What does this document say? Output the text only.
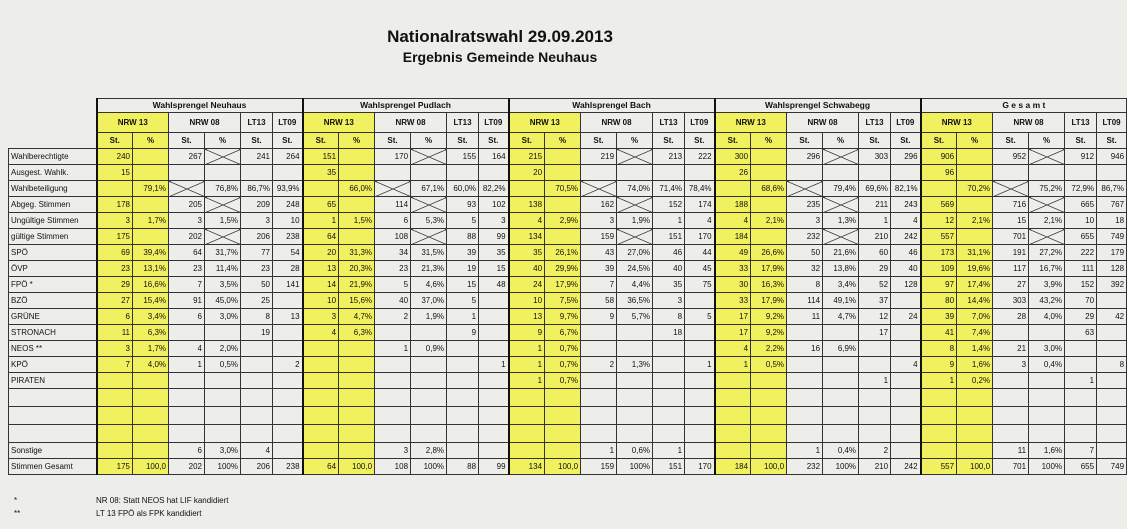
Nationalratswahl 29.09.2013
Ergebnis Gemeinde Neuhaus
	Wahlsprengel Neuhaus						Wahlsprengel Pudlach						Wahlsprengel Bach						Wahlsprengel Schwabegg						G e s a m t					
	NRW 13		NRW 08		LT13	LT09	NRW 13		NRW 08		LT13	LT09	NRW 13		NRW 08		LT13	LT09	NRW 13		NRW 08		LT13	LT09	NRW 13		NRW 08		LT13	LT09
	St.	%	St.	%	St.	St.	St.	%	St.	%	St.	St.	St.	%	St.	%	St.	St.	St.	%	St.	%	St.	St.	St.	%	St.	%	St.	St.
Wahlberechtigte	240		267		241	264	151		170		155	164	215		219		213	222	300		296		303	296	906		952		912	946
Ausgest. Wahlk.	15						35						20						26						96					
Wahlbeteiligung		79,1%		76,8%	86,7%	93,9%		66,0%		67,1%	60,0%	82,2%		70,5%		74,0%	71,4%	78,4%		68,6%		79,4%	69,6%	82,1%		70,2%		75,2%	72,9%	86,7%
Abgeg. Stimmen	178		205		209	248	65		114		93	102	138		162		152	174	188		235		211	243	569		716		665	767
Ungültige Stimmen	3	1,7%	3	1,5%	3	10	1	1,5%	6	5,3%	5	3	4	2,9%	3	1,9%	1	4	4	2,1%	3	1,3%	1	4	12	2,1%	15	2,1%	10	18
gültige Stimmen	175		202		206	238	64		108		88	99	134		159		151	170	184		232		210	242	557		701		655	749
SPÖ	69	39,4%	64	31,7%	77	54	20	31,3%	34	31,5%	39	35	35	26,1%	43	27,0%	46	44	49	26,6%	50	21,6%	60	46	173	31,1%	191	27,2%	222	179
ÖVP	23	13,1%	23	11,4%	23	28	13	20,3%	23	21,3%	19	15	40	29,9%	39	24,5%	40	45	33	17,9%	32	13,8%	29	40	109	19,6%	117	16,7%	111	128
FPÖ *	29	16,6%	7	3,5%	50	141	14	21,9%	5	4,6%	15	48	24	17,9%	7	4,4%	35	75	30	16,3%	8	3,4%	52	128	97	17,4%	27	3,9%	152	392
BZÖ	27	15,4%	91	45,0%	25		10	15,6%	40	37,0%	5		10	7,5%	58	36,5%	3		33	17,9%	114	49,1%	37		80	14,4%	303	43,2%	70	
GRÜNE	6	3,4%	6	3,0%	8	13	3	4,7%	2	1,9%	1		13	9,7%	9	5,7%	8	5	17	9,2%	11	4,7%	12	24	39	7,0%	28	4,0%	29	42
STRONACH	11	6,3%			19		4	6,3%			9		9	6,7%			18		17	9,2%			17		41	7,4%			63	
NEOS **	3	1,7%	4	2,0%					1	0,9%			1	0,7%					4	2,2%	16	6,9%			8	1,4%	21	3,0%		
KPÖ	7	4,0%	1	0,5%		2						1	1	0,7%	2	1,3%		1	1	0,5%				4	9	1,6%	3	0,4%		8
PIRATEN													1	0,7%									1		1	0,2%			1	

Sonstige			6	3,0%	4				3	2,8%					1	0,6%	1				1	0,4%	2				11	1,6%	7	
Stimmen Gesamt	175	100,0	202	100%	206	238	64	100,0	108	100%	88	99	134	100,0	159	100%	151	170	184	100,0	232	100%	210	242	557	100,0	701	100%	655	749
*	NR 08: Statt NEOS hat LIF kandidiert
**	LT 13 FPÖ als FPK kandidiert
